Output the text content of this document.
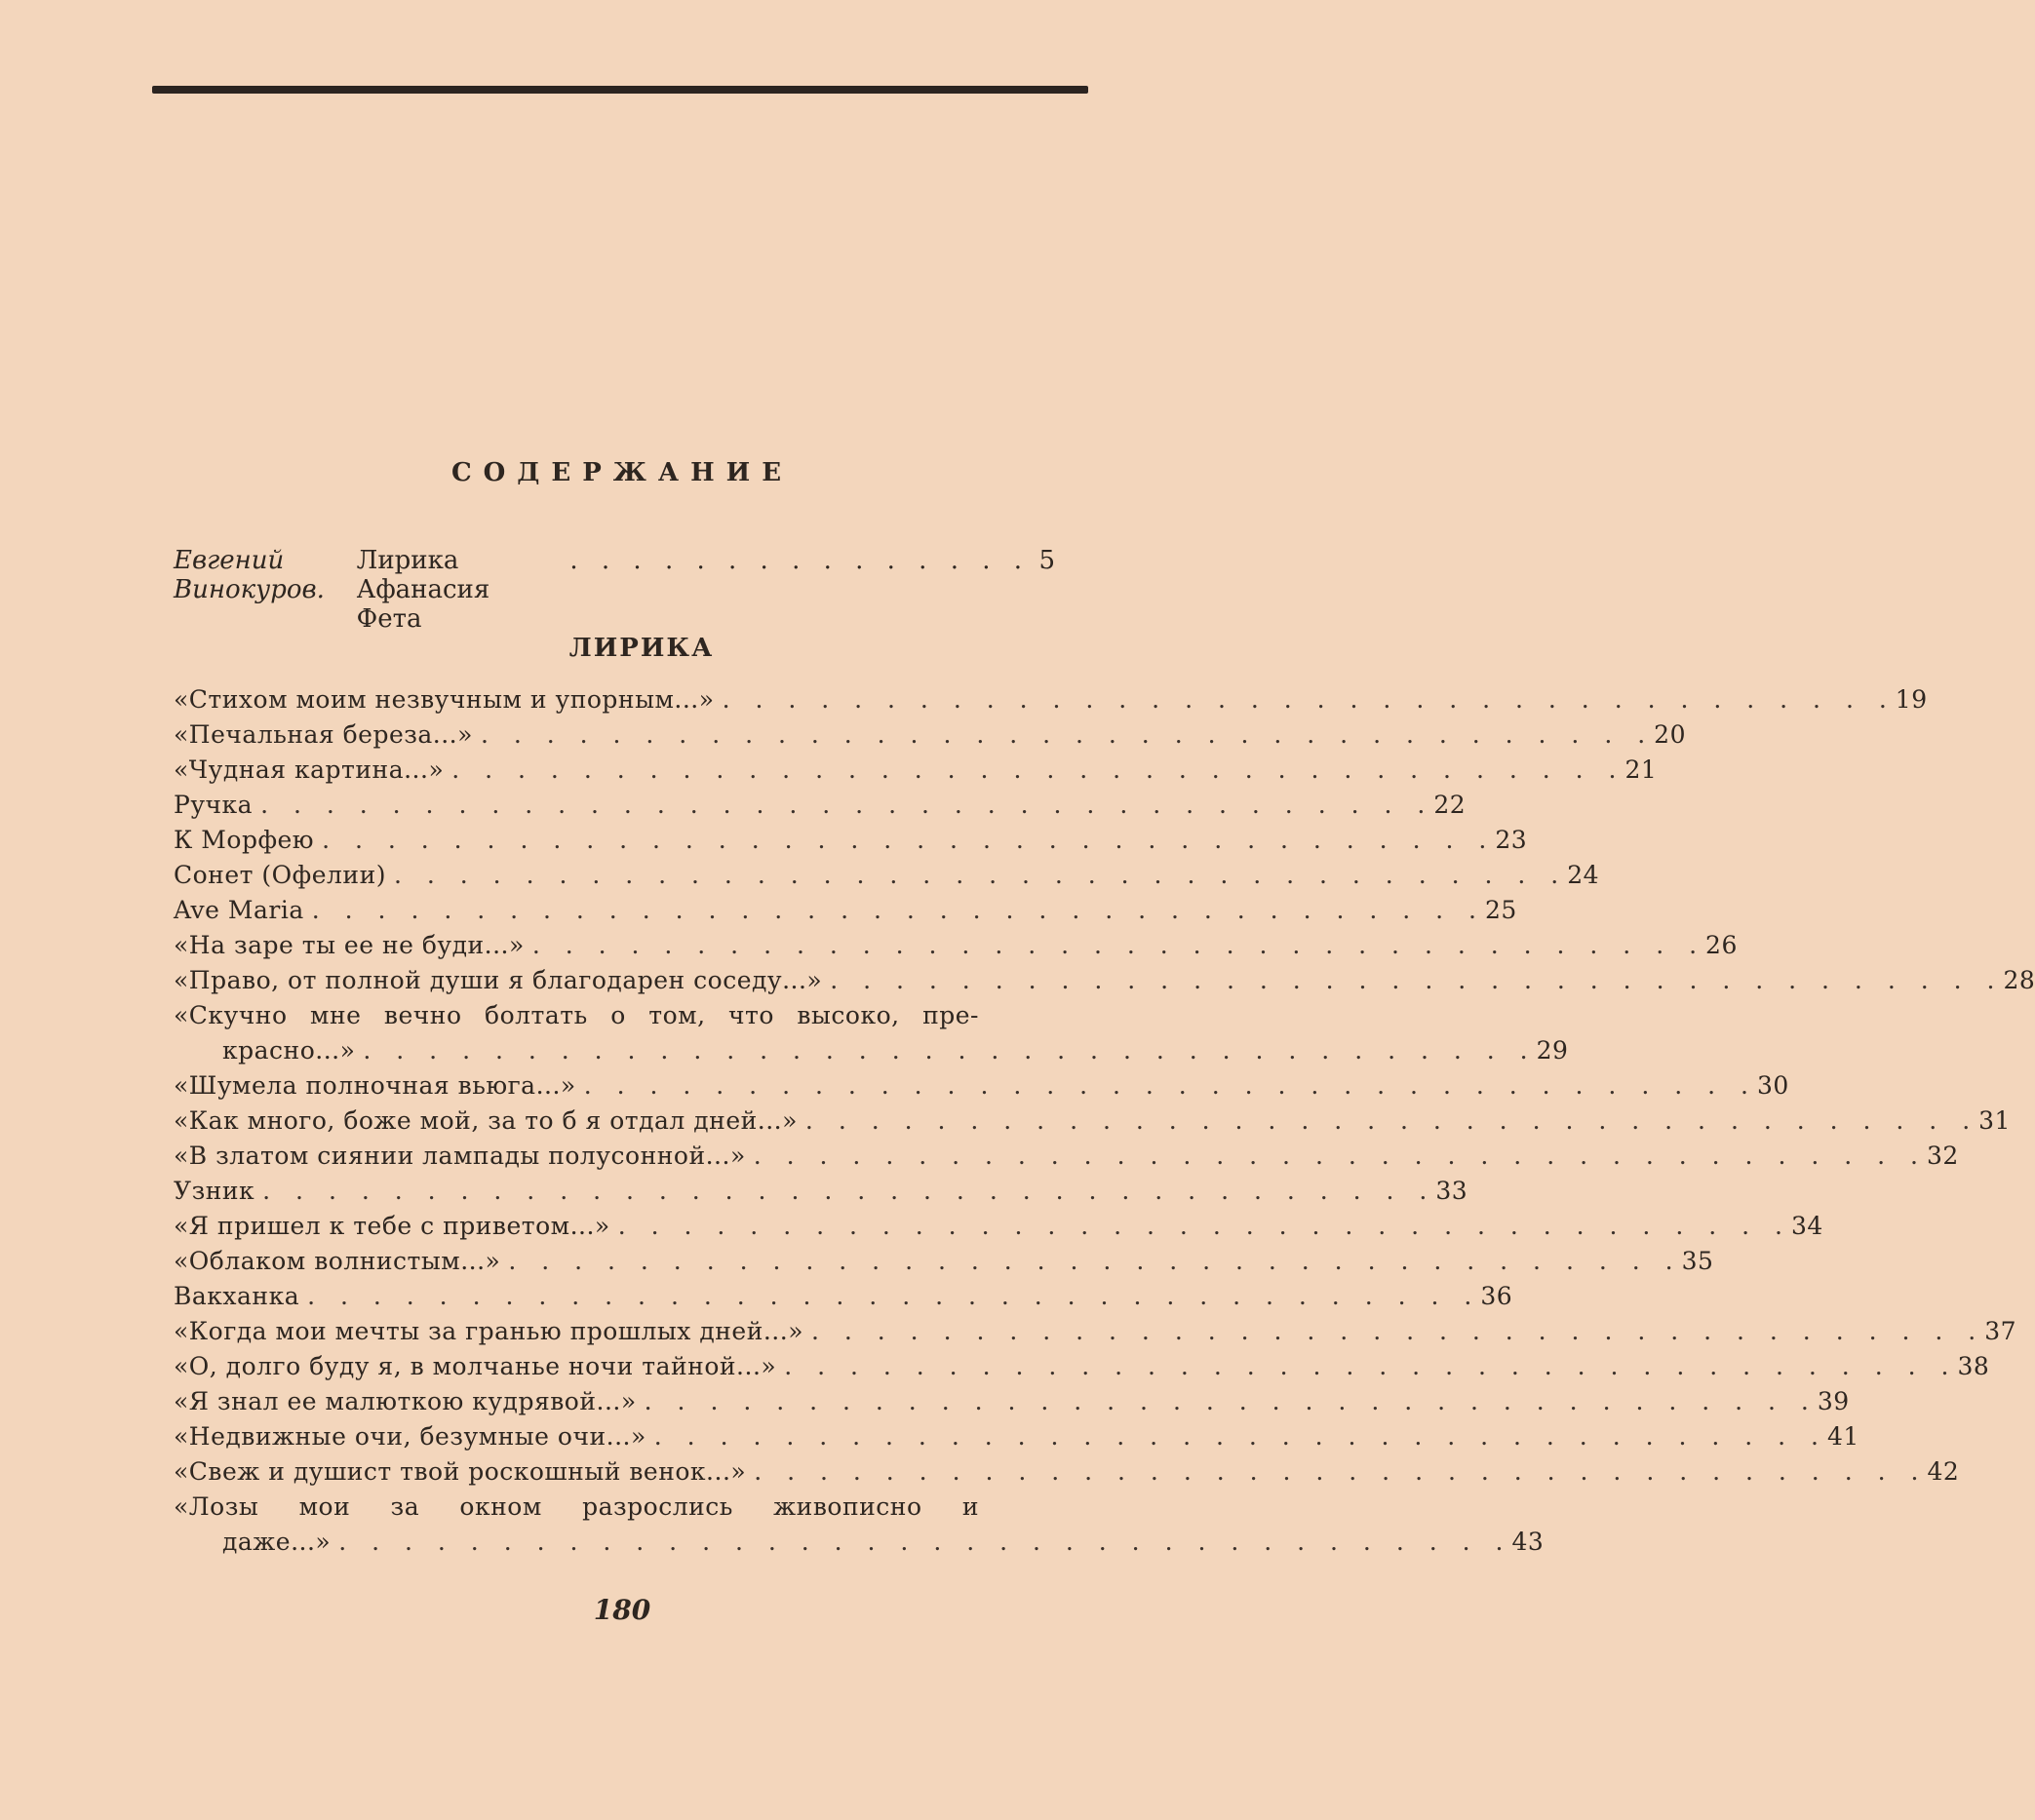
СОДЕРЖАНИЕ
Евгений Винокуров.

Лирика Афанасия Фета
. . . . . . . . . . . . . . . 5
ЛИРИКА
«Стихом моим незвучным и упорным...» . . . . . . . . . . . . . . . . . . . . . . . . . . . . . . . . . . . . 19
«Печальная береза...» . . . . . . . . . . . . . . . . . . . . . . . . . . . . . . . . . . . . 20
«Чудная картина...» . . . . . . . . . . . . . . . . . . . . . . . . . . . . . . . . . . . . 21
Ручка . . . . . . . . . . . . . . . . . . . . . . . . . . . . . . . . . . . . 22
К Морфею . . . . . . . . . . . . . . . . . . . . . . . . . . . . . . . . . . . . 23
Сонет (Офелии) . . . . . . . . . . . . . . . . . . . . . . . . . . . . . . . . . . . . 24
Ave Maria . . . . . . . . . . . . . . . . . . . . . . . . . . . . . . . . . . . . 25
«На заре ты ее не буди...» . . . . . . . . . . . . . . . . . . . . . . . . . . . . . . . . . . . . 26
«Право, от полной души я благодарен соседу...» . . . . . . . . . . . . . . . . . . . . . . . . . . . . . . . . . . . . 28
«Скучно мне вечно болтать о том, что высоко, пре-
красно...» . . . . . . . . . . . . . . . . . . . . . . . . . . . . . . . . . . . . 29
«Шумела полночная вьюга...» . . . . . . . . . . . . . . . . . . . . . . . . . . . . . . . . . . . . 30
«Как много, боже мой, за то б я отдал дней...» . . . . . . . . . . . . . . . . . . . . . . . . . . . . . . . . . . . . 31
«В златом сиянии лампады полусонной...» . . . . . . . . . . . . . . . . . . . . . . . . . . . . . . . . . . . . 32
Узник . . . . . . . . . . . . . . . . . . . . . . . . . . . . . . . . . . . . 33
«Я пришел к тебе с приветом...» . . . . . . . . . . . . . . . . . . . . . . . . . . . . . . . . . . . . 34
«Облаком волнистым...» . . . . . . . . . . . . . . . . . . . . . . . . . . . . . . . . . . . . 35
Вакханка . . . . . . . . . . . . . . . . . . . . . . . . . . . . . . . . . . . . 36
«Когда мои мечты за гранью прошлых дней...» . . . . . . . . . . . . . . . . . . . . . . . . . . . . . . . . . . . . 37
«О, долго буду я, в молчанье ночи тайной...» . . . . . . . . . . . . . . . . . . . . . . . . . . . . . . . . . . . . 38
«Я знал ее малюткою кудрявой...» . . . . . . . . . . . . . . . . . . . . . . . . . . . . . . . . . . . . 39
«Недвижные очи, безумные очи...» . . . . . . . . . . . . . . . . . . . . . . . . . . . . . . . . . . . . 41
«Свеж и душист твой роскошный венок...» . . . . . . . . . . . . . . . . . . . . . . . . . . . . . . . . . . . . 42
«Лозы мои за окном разрослись живописно и
даже...» . . . . . . . . . . . . . . . . . . . . . . . . . . . . . . . . . . . . 43
180
